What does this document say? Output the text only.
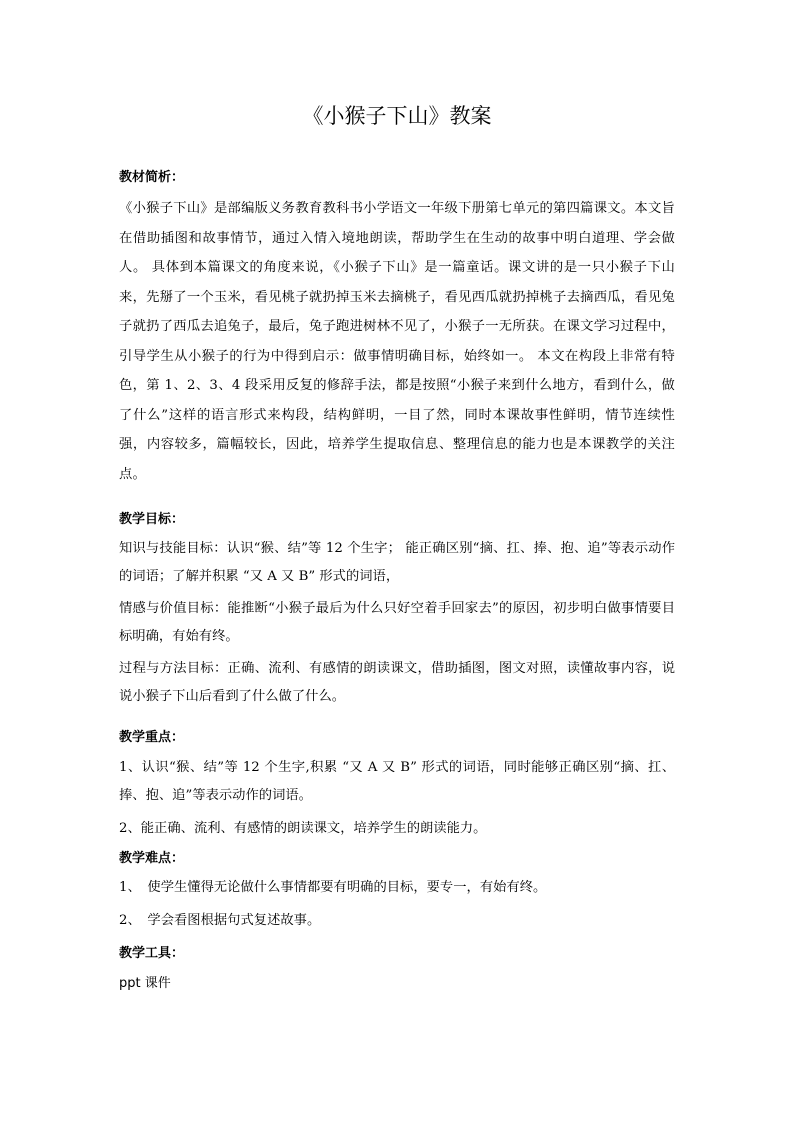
《小猴子下山》教案
教材简析：
《小猴子下山》是部编版义务教育教科书小学语文一年级下册第七单元的第四篇课文。本文旨在借助插图和故事情节，通过入情入境地朗读，帮助学生在生动的故事中明白道理、学会做人。 具体到本篇课文的角度来说，《小猴子下山》是一篇童话。课文讲的是一只小猴子下山来，先掰了一个玉米，看见桃子就扔掉玉米去摘桃子，看见西瓜就扔掉桃子去摘西瓜，看见兔子就扔了西瓜去追兔子，最后，兔子跑进树林不见了，小猴子一无所获。在课文学习过程中，引导学生从小猴子的行为中得到启示：做事情明确目标，始终如一。 本文在构段上非常有特色，第 1、2、3、4 段采用反复的修辞手法，都是按照“小猴子来到什么地方，看到什么，做了什么”这样的语言形式来构段，结构鲜明，一目了然，同时本课故事性鲜明，情节连续性强，内容较多，篇幅较长，因此，培养学生提取信息、整理信息的能力也是本课教学的关注点。
教学目标：
知识与技能目标：认识“猴、结”等 12 个生字； 能正确区别“摘、扛、捧、抱、追”等表示动作的词语；了解并积累 “又 A 又 B” 形式的词语，
情感与价值目标：能推断“小猴子最后为什么只好空着手回家去”的原因，初步明白做事情要目标明确，有始有终。
过程与方法目标：正确、流利、有感情的朗读课文，借助插图，图文对照，读懂故事内容，说说小猴子下山后看到了什么做了什么。
教学重点：
1、认识“猴、结”等 12 个生字,积累 “又 A 又 B” 形式的词语，同时能够正确区别“摘、扛、捧、抱、追”等表示动作的词语。
2、能正确、流利、有感情的朗读课文，培养学生的朗读能力。
教学难点：
1、　使学生懂得无论做什么事情都要有明确的目标，要专一，有始有终。
2、　学会看图根据句式复述故事。
教学工具：
ppt 课件
